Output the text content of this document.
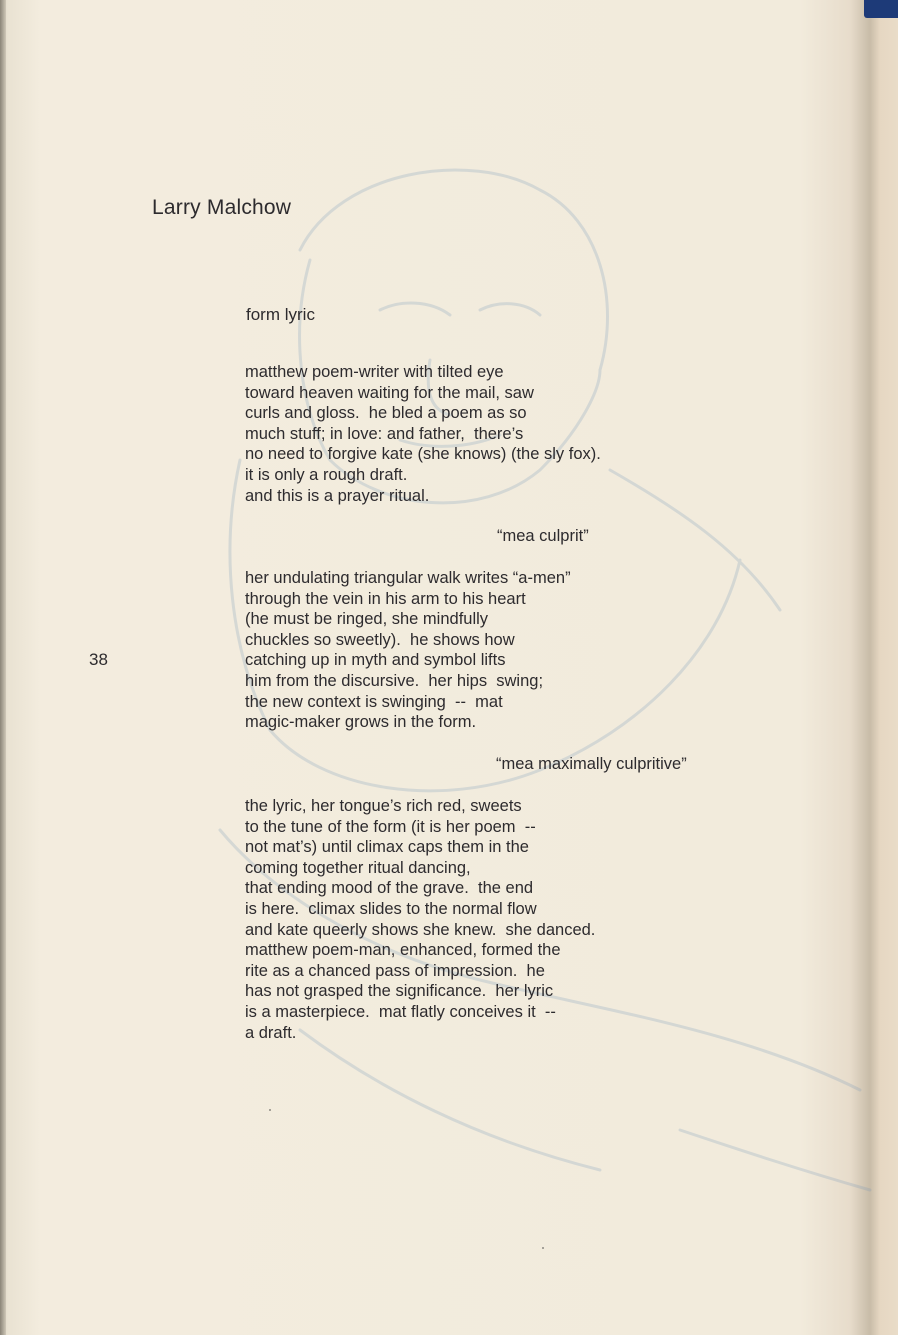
Larry Malchow
form lyric
matthew poem-writer with tilted eye
toward heaven waiting for the mail, saw
curls and gloss.  he bled a poem as so
much stuff; in love: and father,  there’s
no need to forgive kate (she knows) (the sly fox).
it is only a rough draft.
and this is a prayer ritual.
“mea culprit”
her undulating triangular walk writes “a-men”
through the vein in his arm to his heart
(he must be ringed, she mindfully
chuckles so sweetly).  he shows how
catching up in myth and symbol lifts
him from the discursive.  her hips  swing;
the new context is swinging  --  mat
magic-maker grows in the form.
38
“mea maximally culpritive”
the lyric, her tongue’s rich red, sweets
to the tune of the form (it is her poem  --
not mat’s) until climax caps them in the
coming together ritual dancing,
that ending mood of the grave.  the end
is here.  climax slides to the normal flow
and kate queerly shows she knew.  she danced.
matthew poem-man, enhanced, formed the
rite as a chanced pass of impression.  he
has not grasped the significance.  her lyric
is a masterpiece.  mat flatly conceives it  --
a draft.
